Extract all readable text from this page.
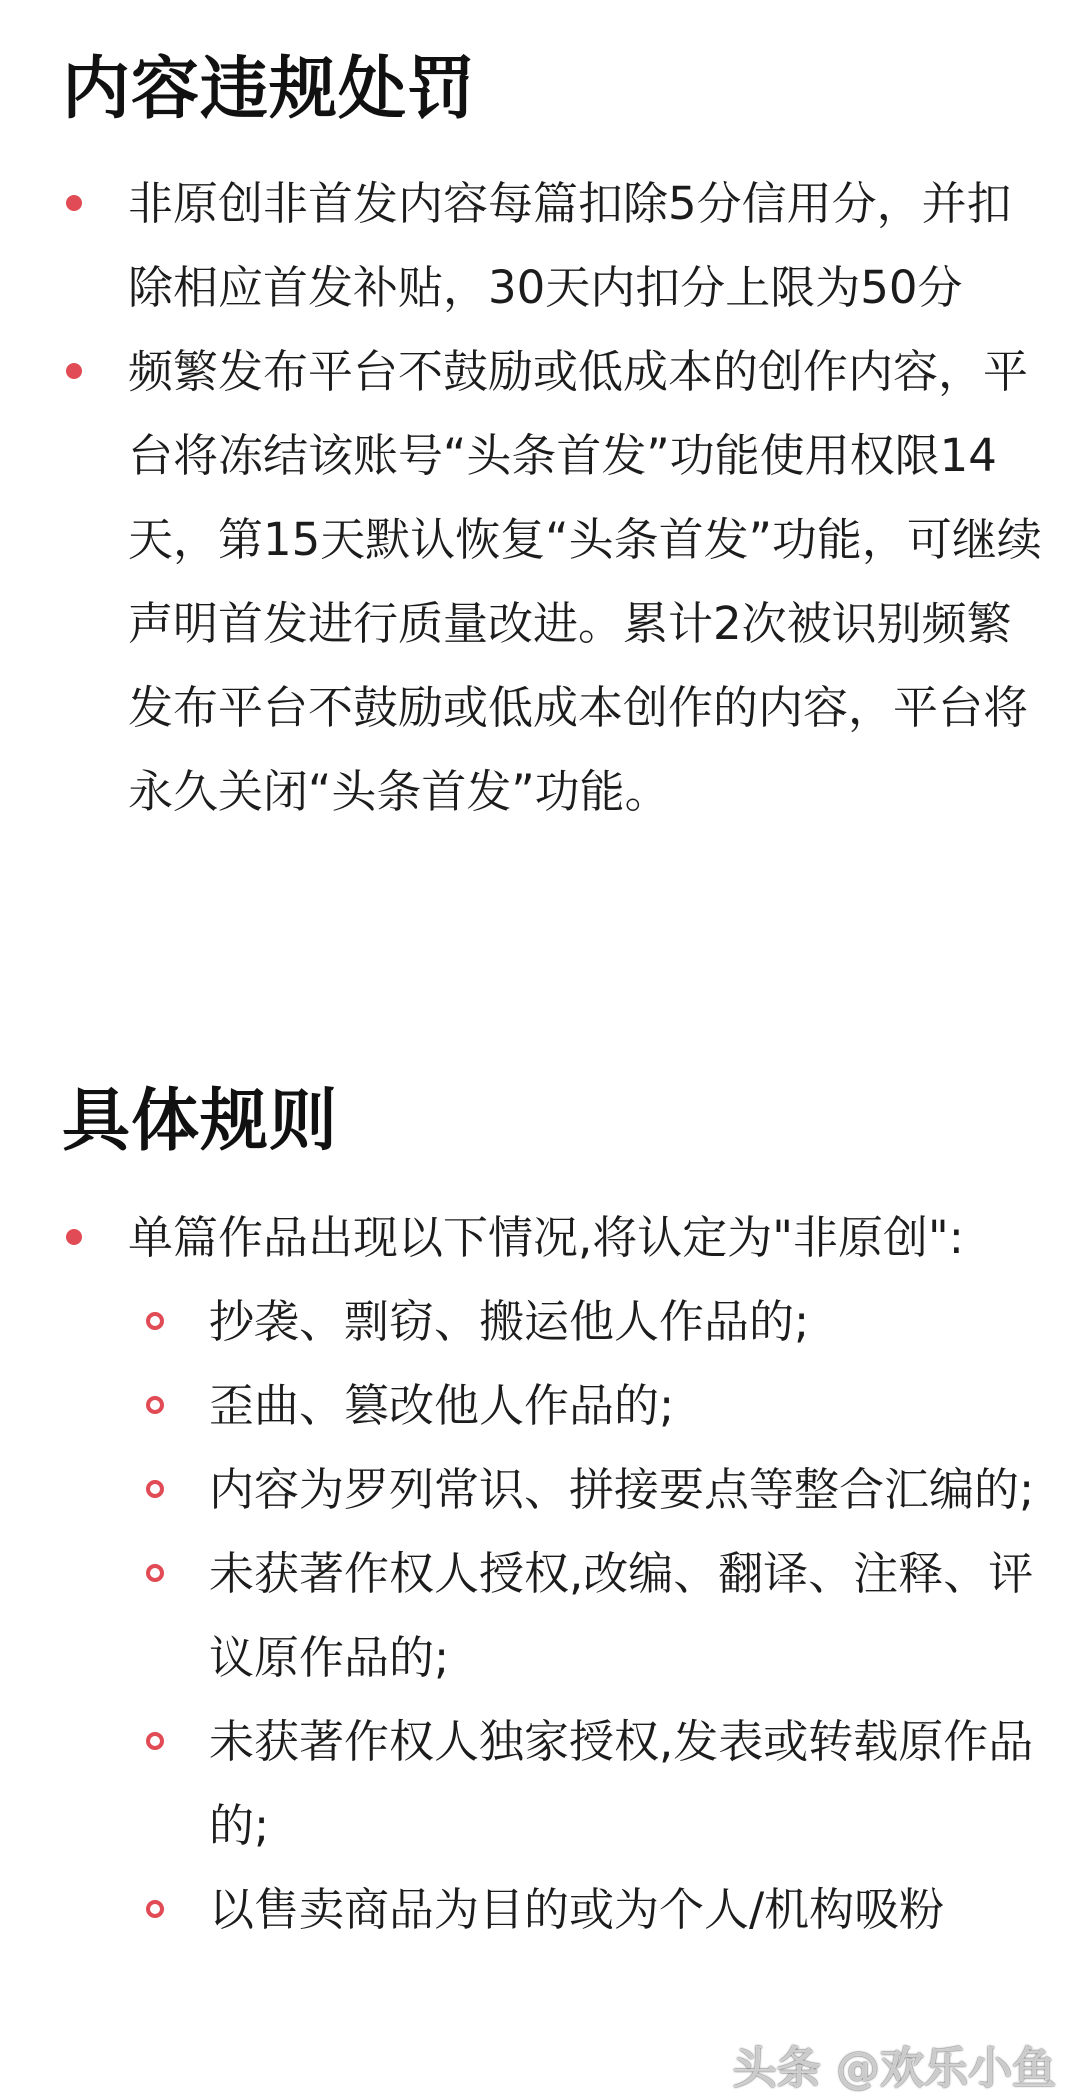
内容违规处罚
非原创非首发内容每篇扣除5分信用分，并扣除相应首发补贴，30天内扣分上限为50分
频繁发布平台不鼓励或低成本的创作内容，平台将冻结该账号“头条首发”功能使用权限14天，第15天默认恢复“头条首发”功能，可继续声明首发进行质量改进。累计2次被识别频繁发布平台不鼓励或低成本创作的内容，平台将永久关闭“头条首发”功能。
具体规则
单篇作品出现以下情况,将认定为"非原创":
抄袭、剽窃、搬运他人作品的;
歪曲、篡改他人作品的;
内容为罗列常识、拼接要点等整合汇编的;
未获著作权人授权,改编、翻译、注释、评议原作品的;
未获著作权人独家授权,发表或转载原作品的;
以售卖商品为目的或为个人/机构吸粉
头条 @欢乐小鱼
